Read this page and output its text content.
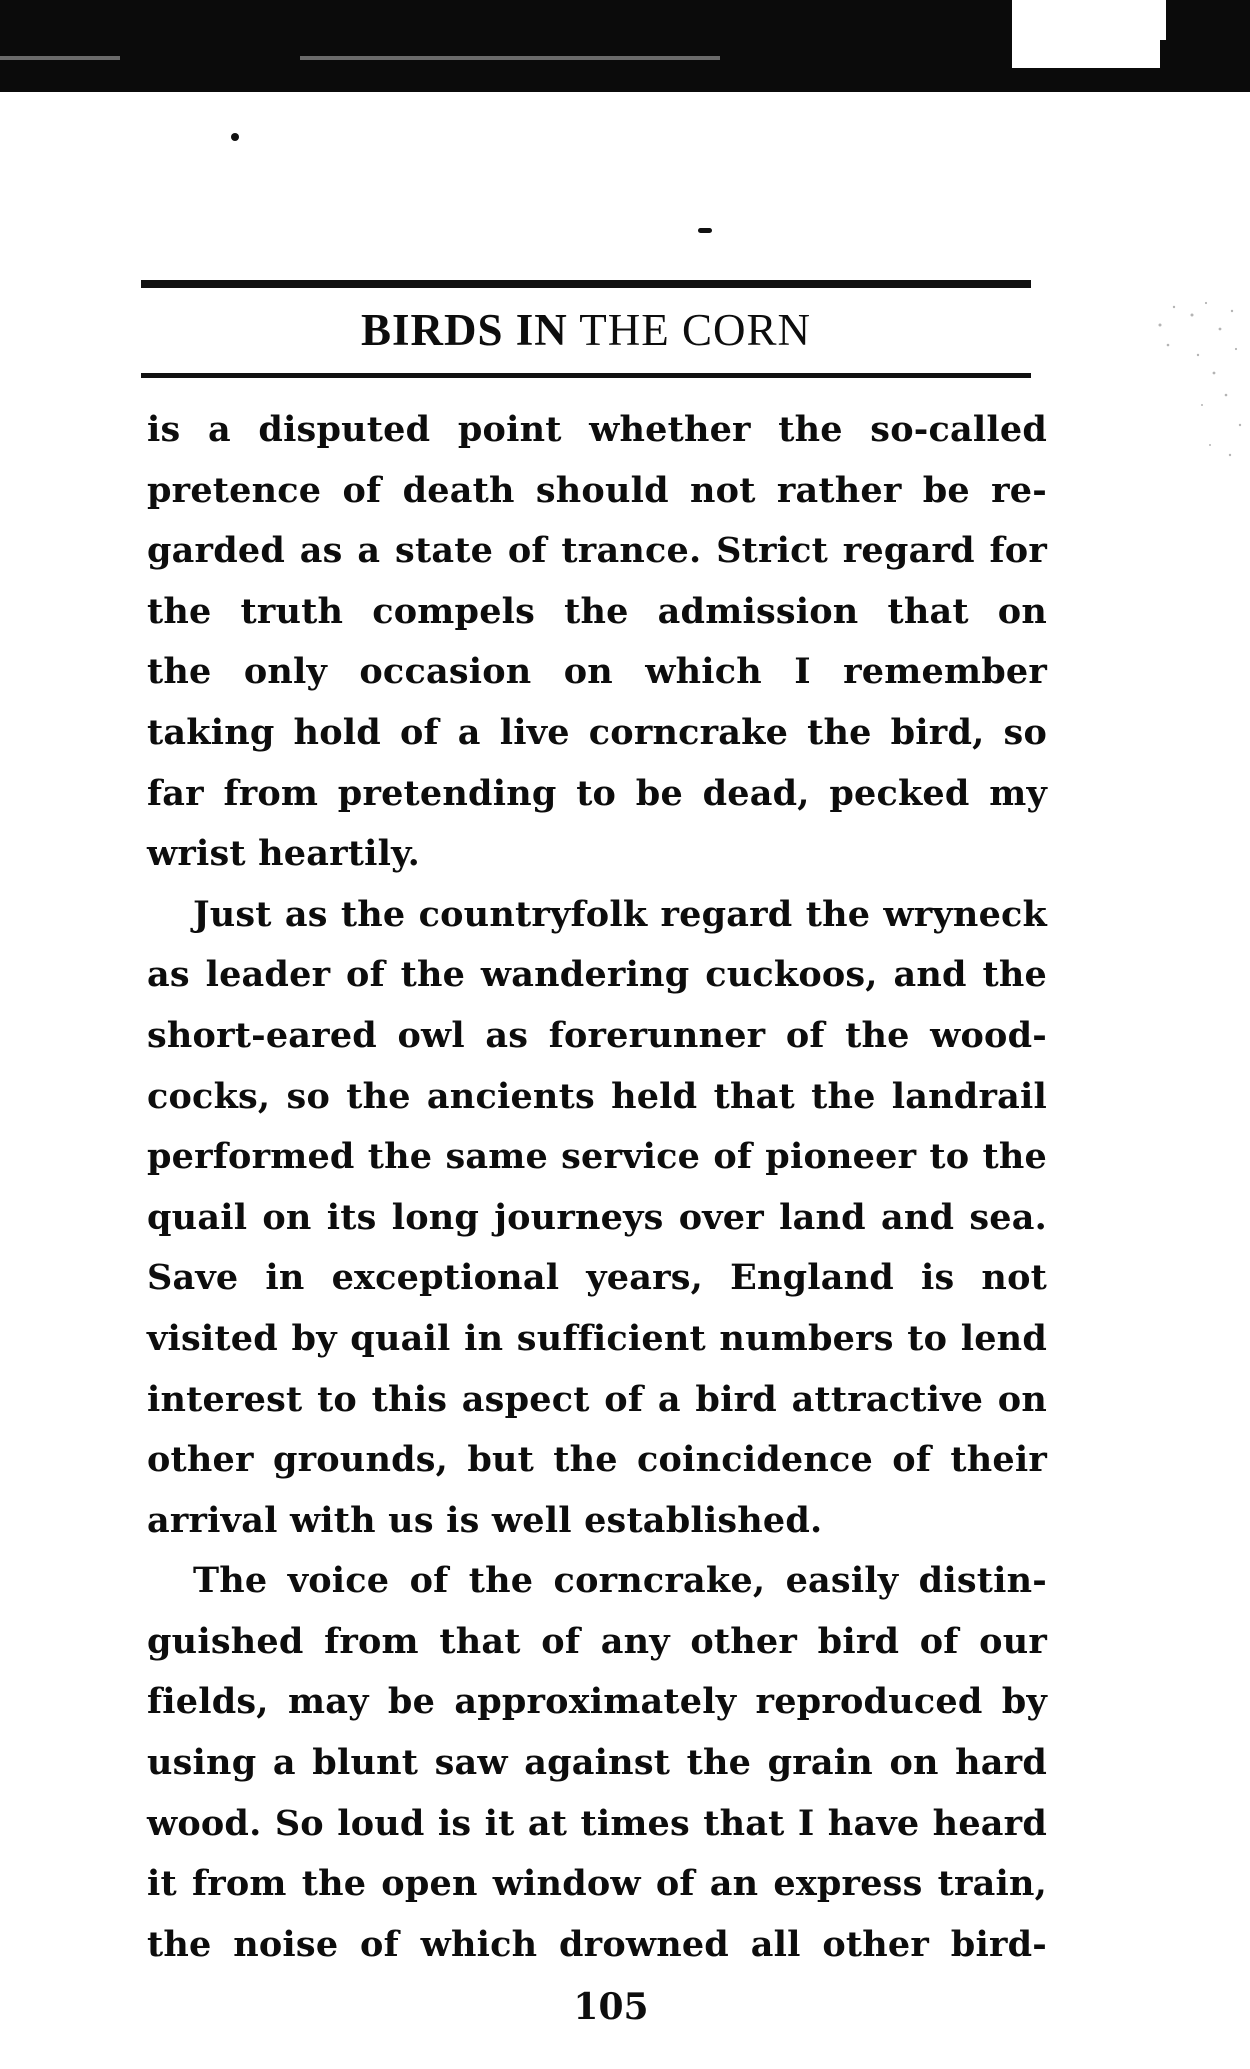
BIRDS IN THE CORN
is a disputed point whether the so-called
pretence of death should not rather be re-
garded as a state of trance. Strict regard for
the truth compels the admission that on
the only occasion on which I remember
taking hold of a live corncrake the bird, so
far from pretending to be dead, pecked my
wrist heartily.
Just as the countryfolk regard the wryneck
as leader of the wandering cuckoos, and the
short-eared owl as forerunner of the wood-
cocks, so the ancients held that the landrail
performed the same service of pioneer to the
quail on its long journeys over land and sea.
Save in exceptional years, England is not
visited by quail in sufficient numbers to lend
interest to this aspect of a bird attractive on
other grounds, but the coincidence of their
arrival with us is well established.
The voice of the corncrake, easily distin-
guished from that of any other bird of our
fields, may be approximately reproduced by
using a blunt saw against the grain on hard
wood. So loud is it at times that I have heard
it from the open window of an express train,
the noise of which drowned all other bird-
105
